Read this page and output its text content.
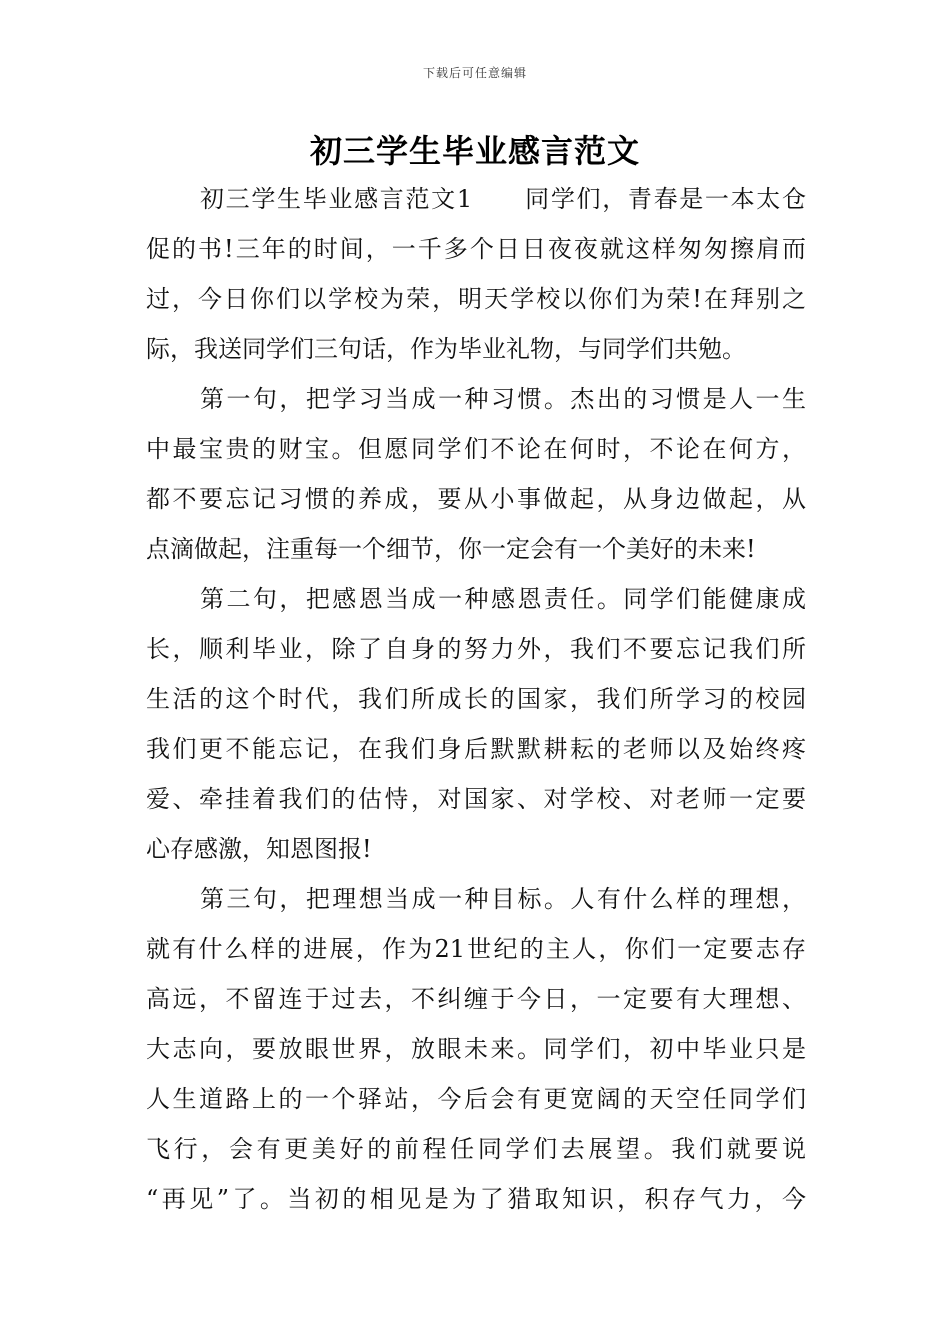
下载后可任意编辑
初三学生毕业感言范文
初三学生毕业感言范文1　　同学们，青春是一本太仓
促的书!三年的时间，一千多个日日夜夜就这样匆匆擦肩而
过，今日你们以学校为荣，明天学校以你们为荣!在拜别之
际，我送同学们三句话，作为毕业礼物，与同学们共勉。
第一句，把学习当成一种习惯。杰出的习惯是人一生
中最宝贵的财宝。但愿同学们不论在何时，不论在何方，
都不要忘记习惯的养成，要从小事做起，从身边做起，从
点滴做起，注重每一个细节，你一定会有一个美好的未来!
第二句，把感恩当成一种感恩责任。同学们能健康成
长，顺利毕业，除了自身的努力外，我们不要忘记我们所
生活的这个时代，我们所成长的国家，我们所学习的校园
我们更不能忘记，在我们身后默默耕耘的老师以及始终疼
爱、牵挂着我们的估恃，对国家、对学校、对老师一定要
心存感激，知恩图报!
第三句，把理想当成一种目标。人有什么样的理想，
就有什么样的进展，作为21世纪的主人，你们一定要志存
高远，不留连于过去，不纠缠于今日，一定要有大理想、
大志向，要放眼世界，放眼未来。同学们，初中毕业只是
人生道路上的一个驿站，今后会有更宽阔的天空任同学们
飞行，会有更美好的前程任同学们去展望。我们就要说
“再见”了。当初的相见是为了猎取知识，积存气力，今
